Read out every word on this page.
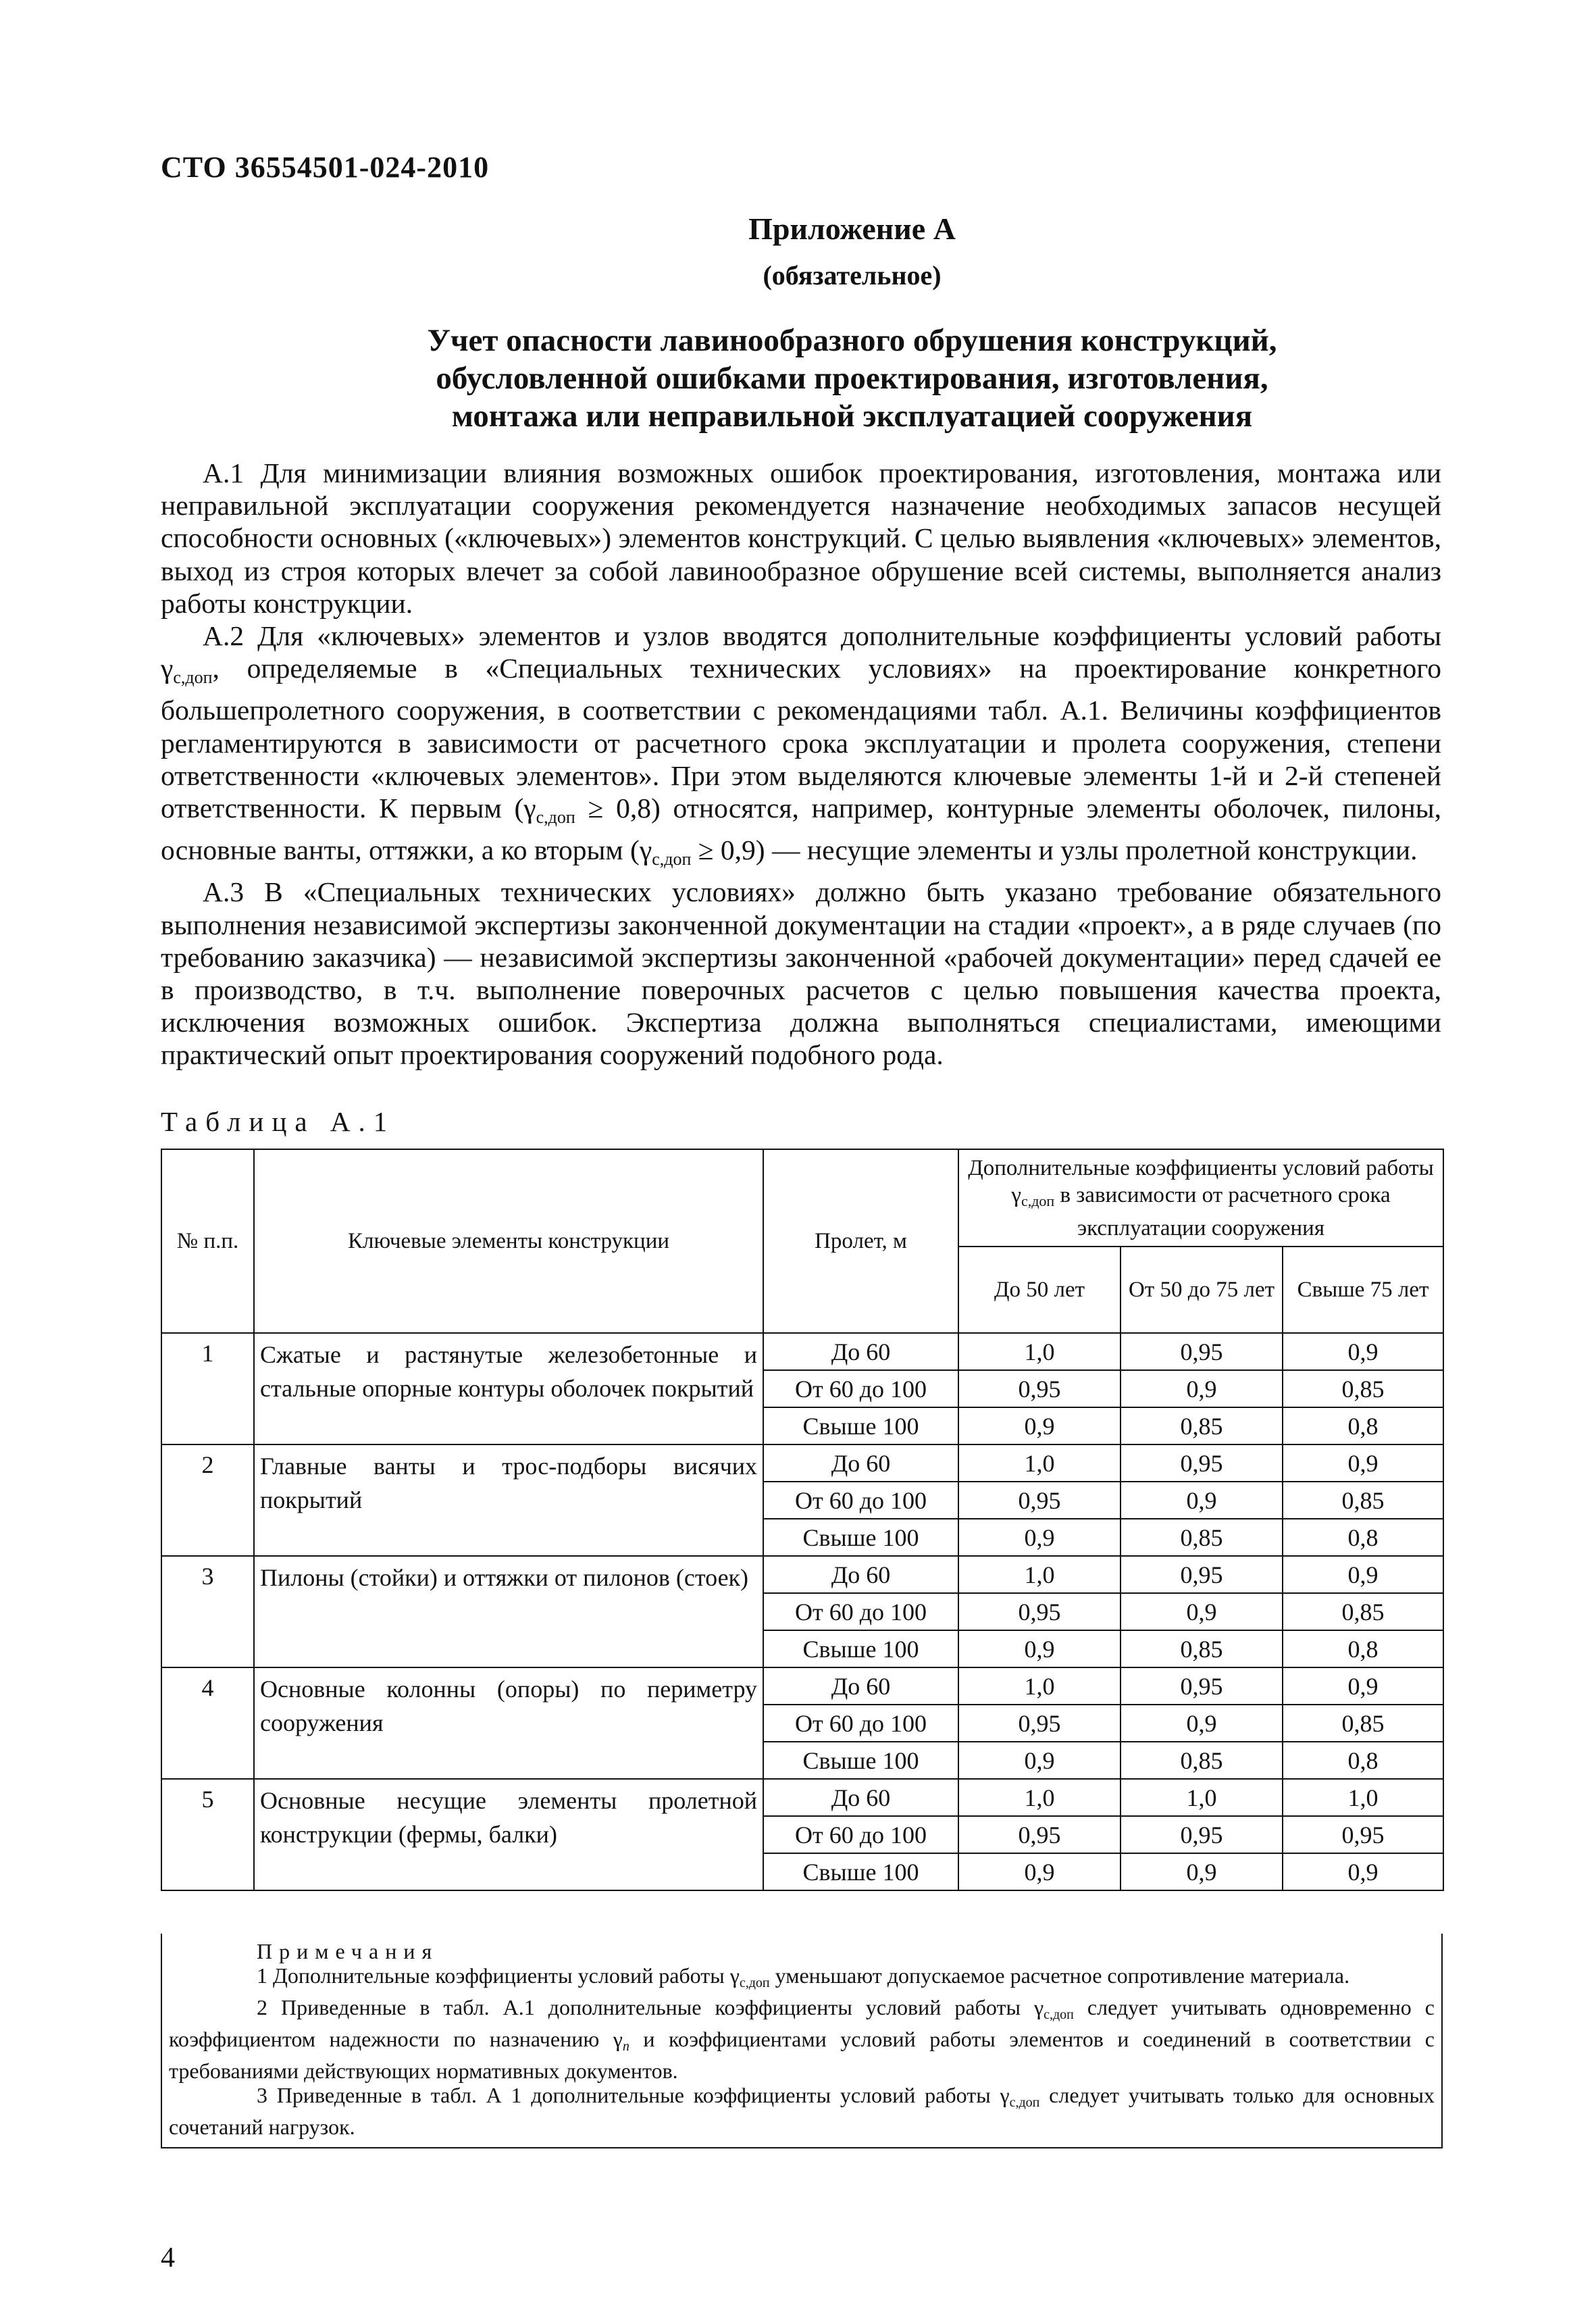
СТО 36554501-024-2010
Приложение А
(обязательное)
Учет опасности лавинообразного обрушения конструкций,
обусловленной ошибками проектирования, изготовления,
монтажа или неправильной эксплуатацией сооружения

А.1 Для минимизации влияния возможных ошибок проектирования, изготовления, монтажа или неправильной эксплуатации сооружения рекомендуется назначение необходимых запасов несущей способности основных («ключевых») элементов конструкций. С целью выявления «ключевых» элементов, выход из строя которых влечет за собой лавинообразное обрушение всей системы, выполняется анализ работы конструкции.

А.2 Для «ключевых» элементов и узлов вводятся дополнительные коэффициенты условий работы $\gamma_{с,доп}$, определяемые в «Специальных технических условиях» на проектирование конкретного большепролетного сооружения, в соответствии с рекомендациями табл. А.1. Величины коэффициентов регламентируются в зависимости от расчетного срока эксплуатации и пролета сооружения, степени ответственности «ключевых элементов». При этом выделяются ключевые элементы 1-й и 2-й степеней ответственности. К первым $(\gamma_{с,доп} \ge 0,8)$ относятся, например, контурные элементы оболочек, пилоны, основные ванты, оттяжки, а ко вторым $(\gamma_{с,доп} \ge 0,9)$ — несущие элементы и узлы пролетной конструкции.

А.3 В «Специальных технических условиях» должно быть указано требование обязательного выполнения независимой экспертизы законченной документации на стадии «проект», а в ряде случаев (по требованию заказчика) — независимой экспертизы законченной «рабочей документации» перед сдачей ее в производство, в т.ч. выполнение поверочных расчетов с целью повышения качества проекта, исключения возможных ошибок. Экспертиза должна выполняться специалистами, имеющими практический опыт проектирования сооружений подобного рода.

Таблица А.1
№ п.п.	Ключевые элементы конструкции	Пролет, м	Дополнительные коэффициенты условий работы γс,доп в зависимости от расчетного срока эксплуатации сооружения		
			До 50 лет	От 50 до 75 лет	Свыше 75 лет
1	Сжатые и растянутые железобетонные и стальные опорные контуры оболочек покрытий	До 60	1,0	0,95	0,9
		От 60 до 100	0,95	0,9	0,85
		Свыше 100	0,9	0,85	0,8
2	Главные ванты и трос-подборы висячих покрытий	До 60	1,0	0,95	0,9
		От 60 до 100	0,95	0,9	0,85
		Свыше 100	0,9	0,85	0,8
3	Пилоны (стойки) и оттяжки от пилонов (стоек)	До 60	1,0	0,95	0,9
		От 60 до 100	0,95	0,9	0,85
		Свыше 100	0,9	0,85	0,8
4	Основные колонны (опоры) по периметру сооружения	До 60	1,0	0,95	0,9
		От 60 до 100	0,95	0,9	0,85
		Свыше 100	0,9	0,85	0,8
5	Основные несущие элементы пролетной конструкции (фермы, балки)	До 60	1,0	1,0	1,0
		От 60 до 100	0,95	0,95	0,95
		Свыше 100	0,9	0,9	0,9
Примечания

1 Дополнительные коэффициенты условий работы γс,доп уменьшают допускаемое расчетное сопротивление материала.

2 Приведенные в табл. А.1 дополнительные коэффициенты условий работы γс,доп следует учитывать одновременно с коэффициентом надежности по назначению γn и коэффициентами условий работы элементов и соединений в соответствии с требованиями действующих нормативных документов.

3 Приведенные в табл. А 1 дополнительные коэффициенты условий работы γс,доп следует учитывать только для основных сочетаний нагрузок.

4
